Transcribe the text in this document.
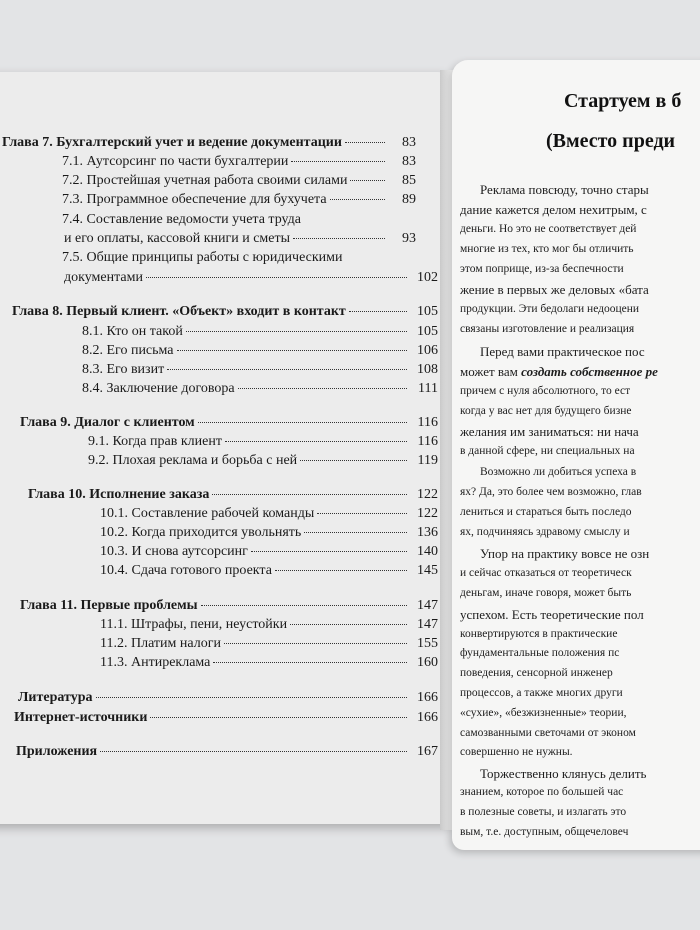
Глава 7. Бухгалтерский учет и ведение документации	83
7.1. Аутсорсинг по части бухгалтерии	83
7.2. Простейшая учетная работа своими силами	85
7.3. Программное обеспечение для бухучета	89
7.4. Составление ведомости учета труда
и его оплаты, кассовой книги и сметы	93
7.5. Общие принципы работы с юридическими
документами	102
Глава 8. Первый клиент. «Объект» входит в контакт	105
8.1. Кто он такой	105
8.2. Его письма	106
8.3. Его визит	108
8.4. Заключение договора	111
Глава 9. Диалог с клиентом	116
9.1. Когда прав клиент	116
9.2. Плохая реклама и борьба с ней	119
Глава 10. Исполнение заказа	122
10.1. Составление рабочей команды	122
10.2. Когда приходится увольнять	136
10.3. И снова аутсорсинг	140
10.4. Сдача готового проекта	145
Глава 11. Первые проблемы	147
11.1. Штрафы, пени, неустойки	147
11.2. Платим налоги	155
11.3. Антиреклама	160
Литература	166
Интернет-источники	166
Приложения	167
Стартуем в б
(Вместо преди
Реклама повсюду, точно стары
дание кажется делом нехитрым, с
деньги. Но это не соответствует дей
многие из тех, кто мог бы отличить
этом поприще, из-за беспечности
жение в первых же деловых «бата
продукции. Эти бедолаги недооцени
связаны изготовление и реализация
Перед вами практическое пос
может вам создать собственное ре
причем с нуля абсолютного, то ест
когда у вас нет для будущего бизне
желания им заниматься: ни нача
в данной сфере, ни специальных на
Возможно ли добиться успеха в
ях? Да, это более чем возможно, глав
лениться и стараться быть последо
ях, подчиняясь здравому смыслу и
Упор на практику вовсе не озн
и сейчас отказаться от теоретическ
деньгам, иначе говоря, может быть
успехом. Есть теоретические пол
конвертируются в практические
фундаментальные положения пс
поведения, сенсорной инженер
процессов, а также многих други
«сухие», «безжизненные» теории,
самозванными светочами от эконом
совершенно не нужны.
Торжественно клянусь делить
знанием, которое по большей час
в полезные советы, и излагать это
вым, т.е. доступным, общечеловеч
